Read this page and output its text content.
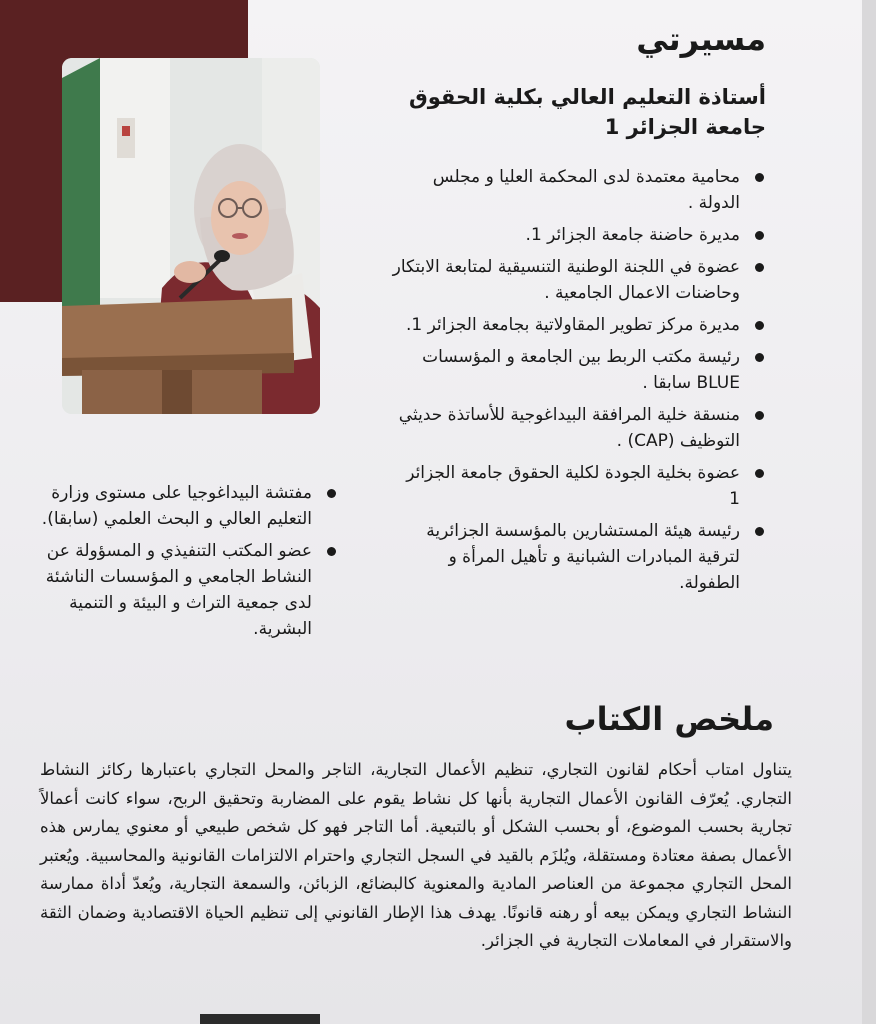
مسيرتي
أستاذة التعليم العالي بكلية الحقوق
جامعة الجزائر 1
محامية معتمدة لدى المحكمة العليا و مجلس الدولة .
مديرة حاضنة جامعة الجزائر 1.
عضوة في اللجنة الوطنية التنسيقية لمتابعة الابتكار وحاضنات الاعمال الجامعية .
مديرة مركز تطوير المقاولاتية بجامعة الجزائر 1.
رئيسة مكتب الربط بين الجامعة و المؤسسات BLUE سابقا .
منسقة خلية المرافقة البيداغوجية للأساتذة حديثي التوظيف (CAP) .
عضوة بخلية الجودة لكلية الحقوق جامعة الجزائر 1
رئيسة هيئة المستشارين بالمؤسسة الجزائرية لترقية المبادرات الشبانية و تأهيل المرأة و الطفولة.
مفتشة البيداغوجيا على مستوى وزارة التعليم العالي و البحث العلمي (سابقا).
عضو المكتب التنفيذي و المسؤولة عن النشاط الجامعي و المؤسسات الناشئة لدى جمعية التراث و البيئة و التنمية البشرية.
ملخص الكتاب

يتناول امتاب أحكام لقانون التجاري، تنظيم الأعمال التجارية، التاجر والمحل التجاري باعتبارها ركائز النشاط التجاري. يُعرّف القانون الأعمال التجارية بأنها كل نشاط يقوم على المضاربة وتحقيق الربح، سواء كانت أعمالاً تجارية بحسب الموضوع، أو بحسب الشكل أو بالتبعية. أما التاجر فهو كل شخص طبيعي أو معنوي يمارس هذه الأعمال بصفة معتادة ومستقلة، ويُلزَم بالقيد في السجل التجاري واحترام الالتزامات القانونية والمحاسبية. ويُعتبر المحل التجاري مجموعة من العناصر المادية والمعنوية كالبضائع، الزبائن، والسمعة التجارية، ويُعدّ أداة ممارسة النشاط التجاري ويمكن بيعه أو رهنه قانونًا. يهدف هذا الإطار القانوني إلى تنظيم الحياة الاقتصادية وضمان الثقة والاستقرار في المعاملات التجارية في الجزائر.
